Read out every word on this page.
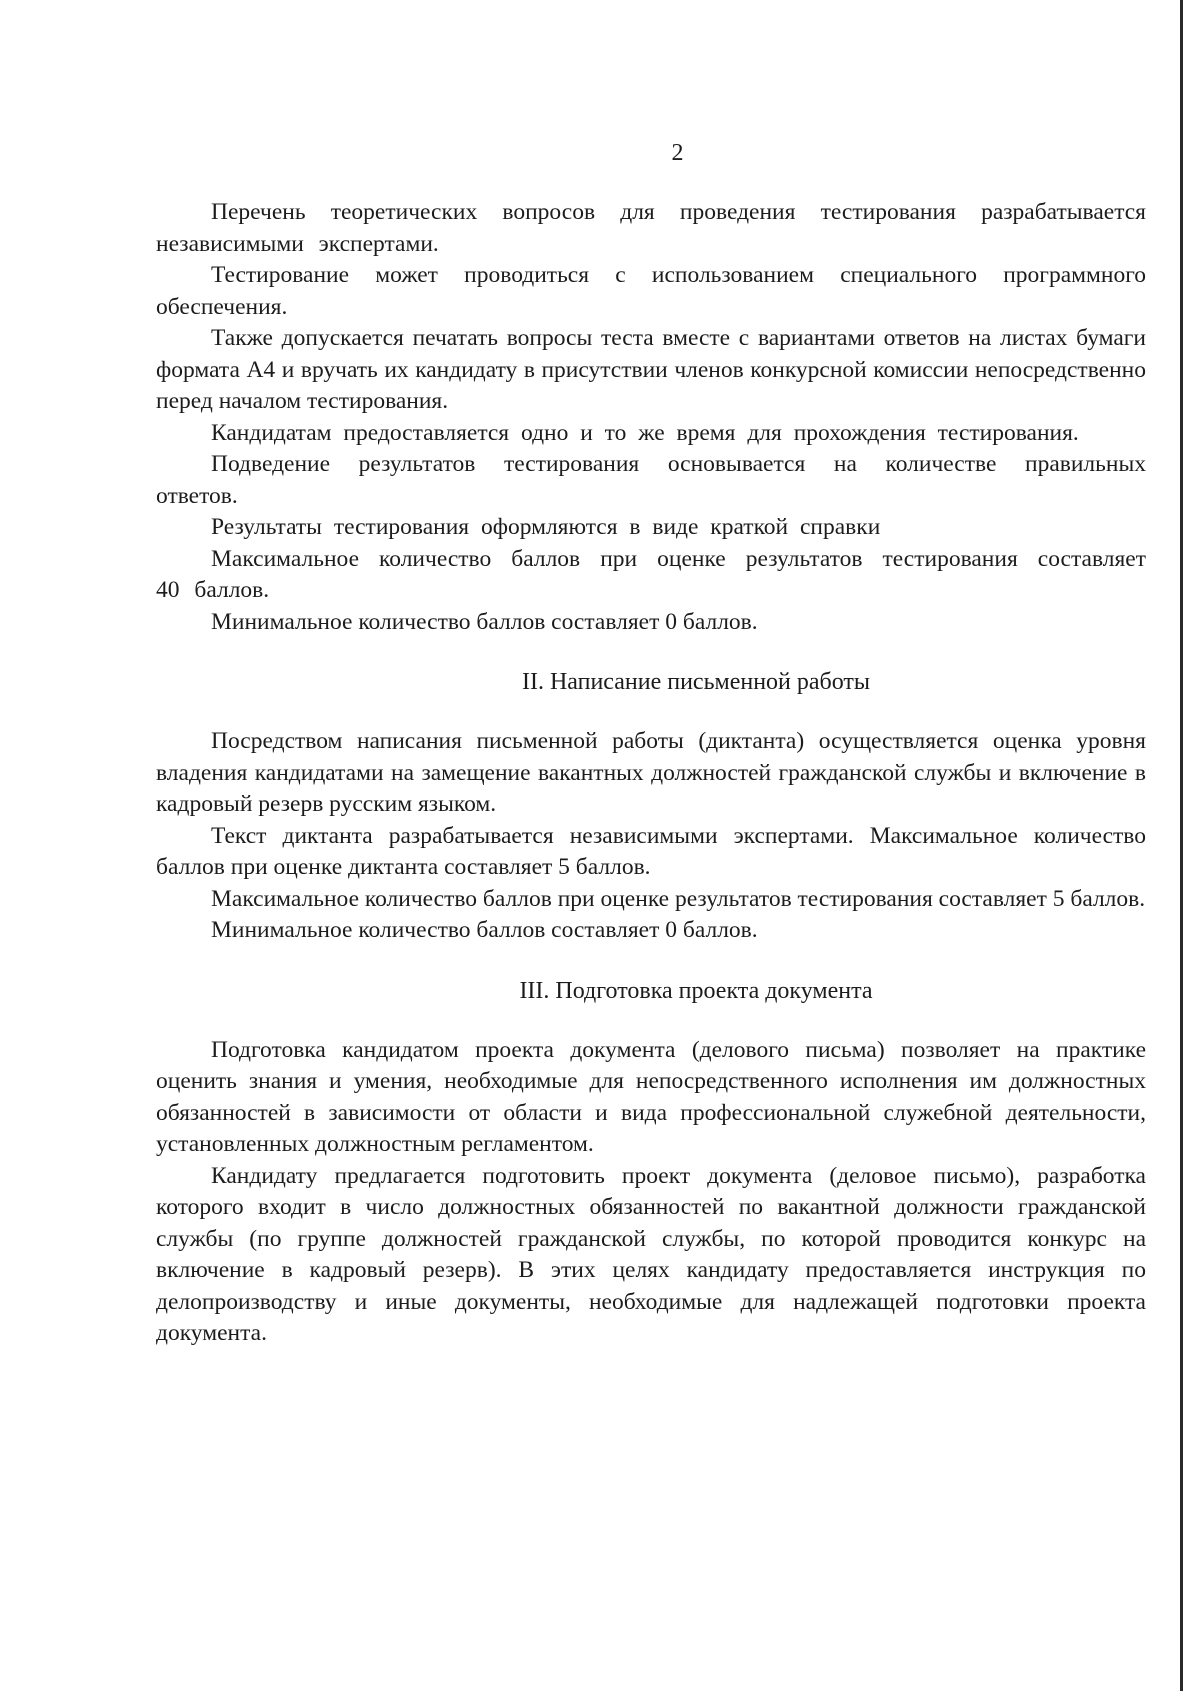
2

Перечень теоретических вопросов для проведения тестирования разрабатывается независимыми экспертами.

Тестирование может проводиться с использованием специального программного обеспечения.

Также допускается печатать вопросы теста вместе с вариантами ответов на листах бумаги формата А4 и вручать их кандидату в присутствии членов конкурсной комиссии непосредственно перед началом тестирования.

Кандидатам предоставляется одно и то же время для прохождения тестирования.

Подведение результатов тестирования основывается на количестве правильных ответов.

Результаты тестирования оформляются в виде краткой справки

Максимальное количество баллов при оценке результатов тестирования составляет 40 баллов.

Минимальное количество баллов составляет 0 баллов.

II. Написание письменной работы

Посредством написания письменной работы (диктанта) осуществляется оценка уровня владения кандидатами на замещение вакантных должностей гражданской службы и включение в кадровый резерв русским языком.

Текст диктанта разрабатывается независимыми экспертами. Максимальное количество баллов при оценке диктанта составляет 5 баллов.

Максимальное количество баллов при оценке результатов тестирования составляет 5 баллов.

Минимальное количество баллов составляет 0 баллов.

III. Подготовка проекта документа

Подготовка кандидатом проекта документа (делового письма) позволяет на практике оценить знания и умения, необходимые для непосредственного исполнения им должностных обязанностей в зависимости от области и вида профессиональной служебной деятельности, установленных должностным регламентом.

Кандидату предлагается подготовить проект документа (деловое письмо), разработка которого входит в число должностных обязанностей по вакантной должности гражданской службы (по группе должностей гражданской службы, по которой проводится конкурс на включение в кадровый резерв). В этих целях кандидату предоставляется инструкция по делопроизводству и иные документы, необходимые для надлежащей подготовки проекта документа.
